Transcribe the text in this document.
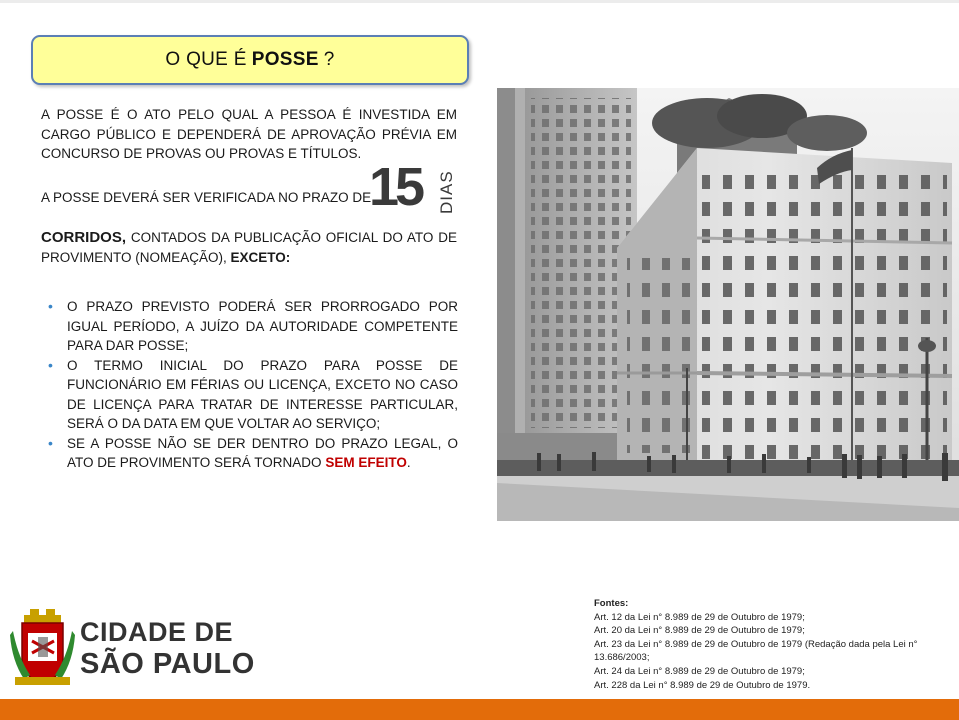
O QUE É POSSE ?
A POSSE É O ATO PELO QUAL A PESSOA É INVESTIDA EM CARGO PÚBLICO E DEPENDERÁ DE APROVAÇÃO PRÉVIA EM CONCURSO DE PROVAS OU PROVAS E TÍTULOS.
A POSSE DEVERÁ SER VERIFICADA NO PRAZO DE
15 DIAS
CORRIDOS, CONTADOS DA PUBLICAÇÃO OFICIAL DO ATO DE PROVIMENTO (NOMEAÇÃO), EXCETO:
• O PRAZO PREVISTO PODERÁ SER PRORROGADO POR IGUAL PERÍODO, A JUÍZO DA AUTORIDADE COMPETENTE PARA DAR POSSE;
• O TERMO INICIAL DO PRAZO PARA POSSE DE FUNCIONÁRIO EM FÉRIAS OU LICENÇA, EXCETO NO CASO DE LICENÇA PARA TRATAR DE INTERESSE PARTICULAR, SERÁ O DA DATA EM QUE VOLTAR AO SERVIÇO;
• SE A POSSE NÃO SE DER DENTRO DO PRAZO LEGAL, O ATO DE PROVIMENTO SERÁ TORNADO SEM EFEITO.
CIDADE DE
SÃO PAULO
Fontes:
Art. 12 da Lei n° 8.989 de 29 de Outubro de 1979;
Art. 20 da Lei n° 8.989 de 29 de Outubro de 1979;
Art. 23 da Lei n° 8.989 de 29 de Outubro de 1979 (Redação dada pela Lei n° 13.686/2003;
Art. 24 da Lei n° 8.989 de 29 de Outubro de 1979;
Art. 228 da Lei n° 8.989 de 29 de Outubro de 1979.
